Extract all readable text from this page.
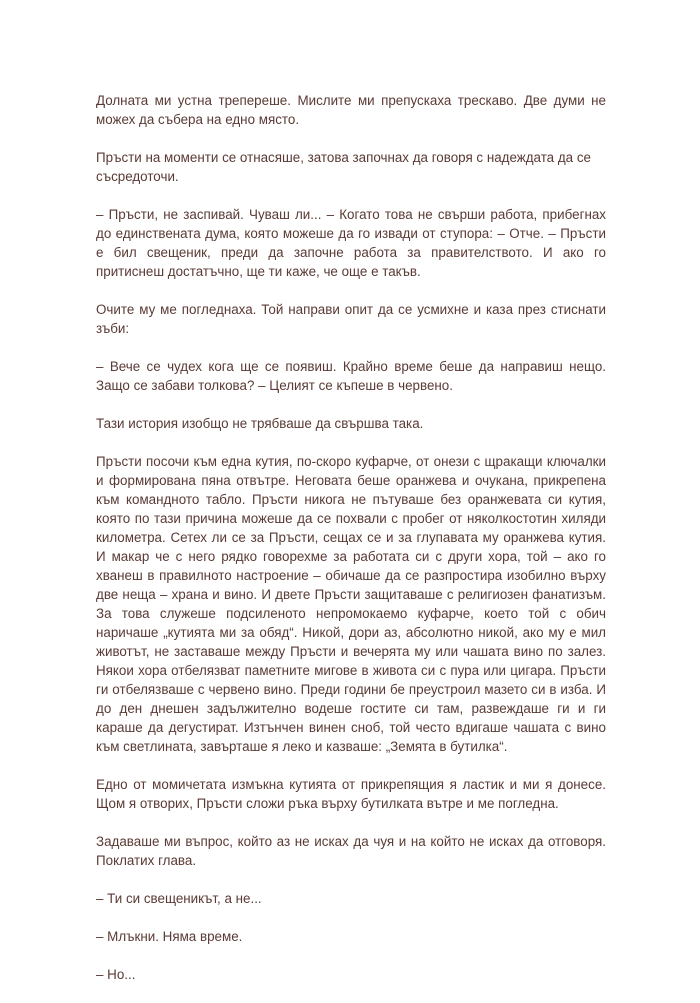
Долната ми устна трепереше. Мислите ми препускаха трескаво. Две думи не можех да събера на едно място.

Пръсти на моменти се отнасяше, затова започнах да говоря с надеждата да се съсредоточи.

– Пръсти, не заспивай. Чуваш ли... – Когато това не свърши работа, прибегнах до единствената дума, която можеше да го извади от ступора: – Отче. – Пръсти е бил свещеник, преди да започне работа за правителството. И ако го притиснеш достатъчно, ще ти каже, че още е такъв.

Очите му ме погледнаха. Той направи опит да се усмихне и каза през стиснати зъби:

– Вече се чудех кога ще се появиш. Крайно време беше да направиш нещо. Защо се забави толкова? – Целият се къпеше в червено.

Тази история изобщо не трябваше да свършва така.

Пръсти посочи към една кутия, по-скоро куфарче, от онези с щракащи ключалки и формирована пяна отвътре. Неговата беше оранжева и очукана, прикрепена към командното табло. Пръсти никога не пътуваше без оранжевата си кутия, която по тази причина можеше да се похвали с пробег от няколкостотин хиляди километра. Сетех ли се за Пръсти, сещах се и за глупавата му оранжева кутия. И макар че с него рядко говорехме за работата си с други хора, той – ако го хванеш в правилното настроение – обичаше да се разпростира изобилно върху две неща – храна и вино. И двете Пръсти защитаваше с религиозен фанатизъм. За това служеше подсиленото непромокаемо куфарче, което той с обич наричаше „кутията ми за обяд“. Никой, дори аз, абсолютно никой, ако му е мил животът, не заставаше между Пръсти и вечерята му или чашата вино по залез. Някои хора отбелязват паметните мигове в живота си с пура или цигара. Пръсти ги отбелязваше с червено вино. Преди години бе преустроил мазето си в изба. И до ден днешен задължително водеше гостите си там, развеждаше ги и ги караше да дегустират. Изтънчен винен сноб, той често вдигаше чашата с вино към светлината, завърташе я леко и казваше: „Земята в бутилка“.

Едно от момичетата измъкна кутията от прикрепящия я ластик и ми я донесе. Щом я отворих, Пръсти сложи ръка върху бутилката вътре и ме погледна.

Задаваше ми въпрос, който аз не исках да чуя и на който не исках да отговоря. Поклатих глава.

– Ти си свещеникът, а не...

– Млъкни. Няма време.

– Но...
